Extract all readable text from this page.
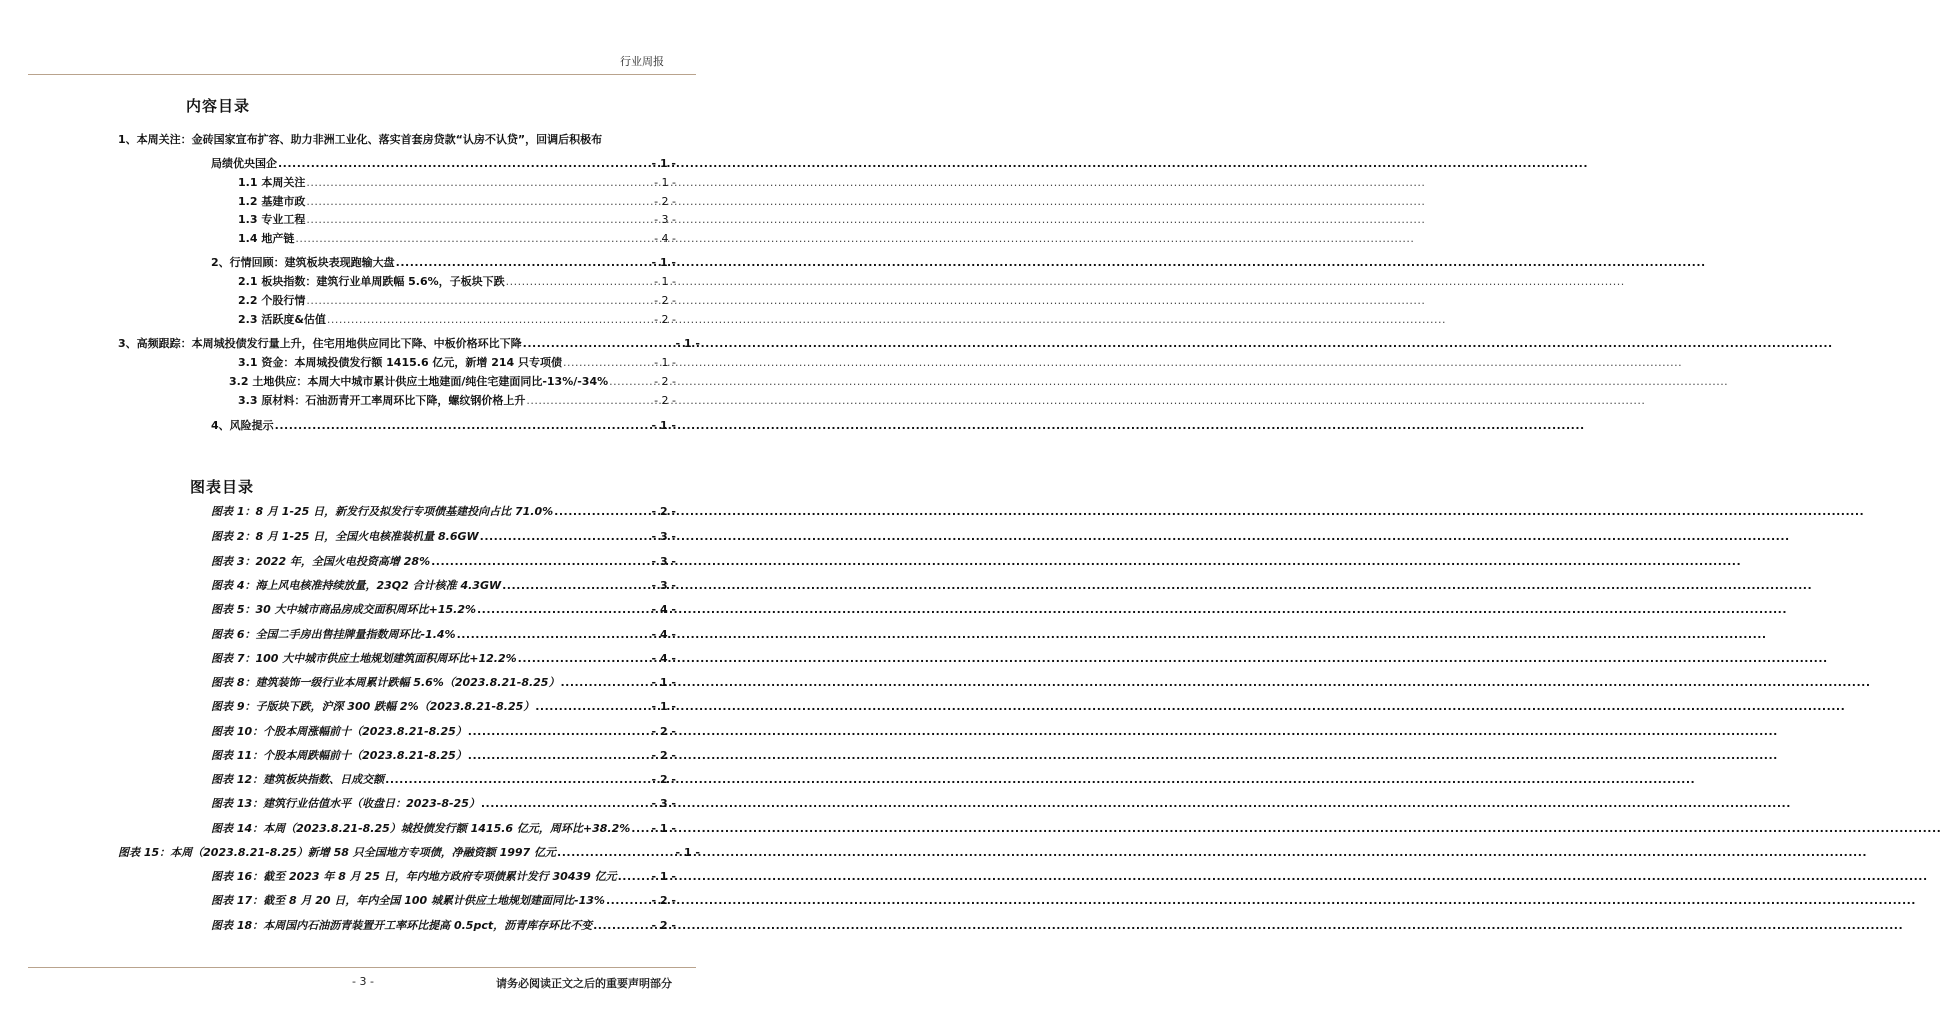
行业周报
内容目录
1、本周关注：金砖国家宣布扩容、助力非洲工业化、落实首套房贷款“认房不认贷”，回调后积极布
局绩优央国企 .....	- 1 -
1.1 本周关注 .....	- 1 -
1.2 基建市政 .....	- 2 -
1.3 专业工程 .....	- 3 -
1.4 地产链 .....	- 4 -
2、行情回顾：建筑板块表现跑输大盘 .....	- 1 -
2.1 板块指数：建筑行业单周跌幅 5.6%，子板块下跌 .....	- 1 -
2.2 个股行情 .....	- 2 -
2.3 活跃度&估值 .....	- 2 -
3、高频跟踪：本周城投债发行量上升，住宅用地供应同比下降、中板价格环比下降 .....	- 1 -
3.1 资金：本周城投债发行额 1415.6 亿元，新增 214 只专项债 .....	- 1 -
3.2 土地供应：本周大中城市累计供应土地建面/纯住宅建面同比-13%/-34% .....	- 2 -
3.3 原材料：石油沥青开工率周环比下降，螺纹钢价格上升 .....	- 2 -
4、风险提示 .....	- 1 -
图表目录
图表 1：8 月 1-25 日，新发行及拟发行专项债基建投向占比 71.0% .....	- 2 -
图表 2：8 月 1-25 日，全国火电核准装机量 8.6GW .....	- 3 -
图表 3：2022 年，全国火电投资高增 28% .....	- 3 -
图表 4：海上风电核准持续放量，23Q2 合计核准 4.3GW .....	- 3 -
图表 5：30 大中城市商品房成交面积周环比+15.2% .....	- 4 -
图表 6：全国二手房出售挂牌量指数周环比-1.4% .....	- 4 -
图表 7：100 大中城市供应土地规划建筑面积周环比+12.2% .....	- 4 -
图表 8：建筑装饰一级行业本周累计跌幅 5.6%（2023.8.21-8.25） .....	- 1 -
图表 9：子版块下跌，沪深 300 跌幅 2%（2023.8.21-8.25） .....	- 1 -
图表 10：个股本周涨幅前十（2023.8.21-8.25） .....	- 2 -
图表 11：个股本周跌幅前十（2023.8.21-8.25） .....	- 2 -
图表 12：建筑板块指数、日成交额 .....	- 2 -
图表 13：建筑行业估值水平（收盘日：2023-8-25） .....	- 3 -
图表 14：本周（2023.8.21-8.25）城投债发行额 1415.6 亿元，周环比+38.2% ..... - 1 -
图表 15：本周（2023.8.21-8.25）新增 58 只全国地方专项债，净融资额 1997 亿元 .....	- 1 -
图表 16：截至 2023 年 8 月 25 日，年内地方政府专项债累计发行 30439 亿元 .....	- 1 -
图表 17：截至 8 月 20 日，年内全国 100 城累计供应土地规划建面同比-13% .....	- 2 -
图表 18：本周国内石油沥青装置开工率环比提高 0.5pct，沥青库存环比不变 .....	- 2 -
- 3 -	请务必阅读正文之后的重要声明部分
